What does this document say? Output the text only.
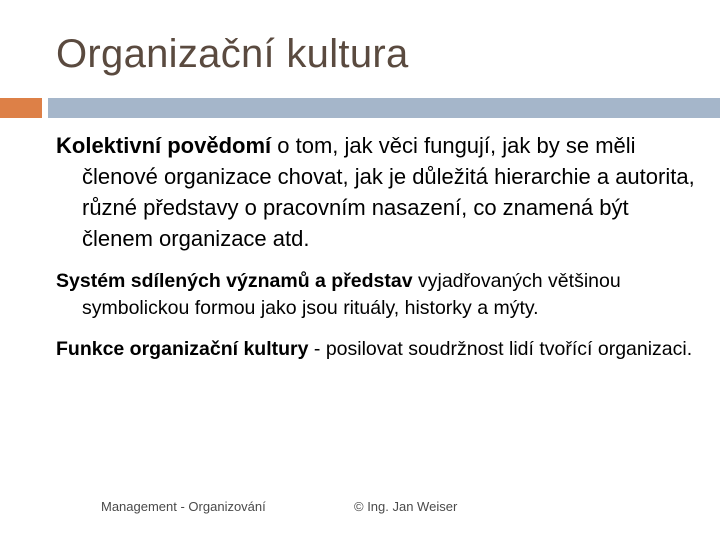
Organizační kultura

Kolektivní povědomí o tom, jak věci fungují, jak by se měli členové organizace chovat, jak je důležitá hierarchie a autorita, různé představy o pracovním nasazení, co znamená být členem organizace atd.

Systém sdílených významů a představ vyjadřovaných většinou symbolickou formou jako jsou rituály, historky a mýty.

Funkce organizační kultury - posilovat soudržnost lidí tvořící organizaci.

Management - Organizování	© Ing. Jan Weiser
